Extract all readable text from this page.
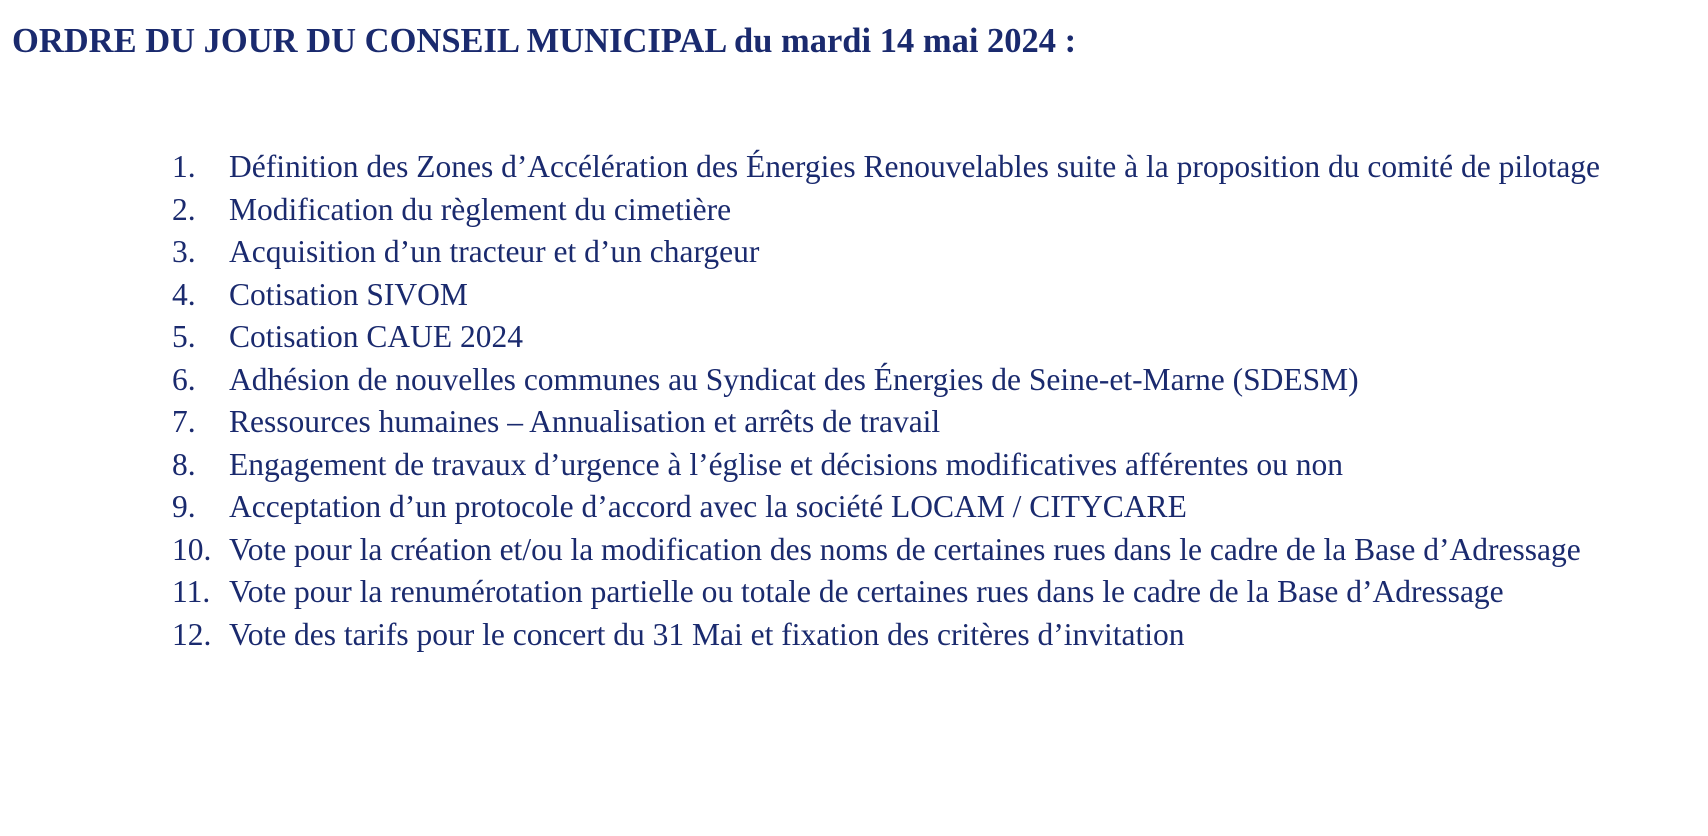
ORDRE DU JOUR DU CONSEIL MUNICIPAL du mardi 14 mai 2024 :
1. Définition des Zones d’Accélération des Énergies Renouvelables suite à la proposition du comité de pilotage
2. Modification du règlement du cimetière
3. Acquisition d’un tracteur et d’un chargeur
4. Cotisation SIVOM
5. Cotisation CAUE 2024
6. Adhésion de nouvelles communes au Syndicat des Énergies de Seine-et-Marne (SDESM)
7. Ressources humaines – Annualisation et arrêts de travail
8. Engagement de travaux d’urgence à l’église et décisions modificatives afférentes ou non
9. Acceptation d’un protocole d’accord avec la société LOCAM / CITYCARE
10. Vote pour la création et/ou la modification des noms de certaines rues dans le cadre de la Base d’Adressage
11. Vote pour la renumérotation partielle ou totale de certaines rues dans le cadre de la Base d’Adressage
12. Vote des tarifs pour le concert du 31 Mai et fixation des critères d’invitation
